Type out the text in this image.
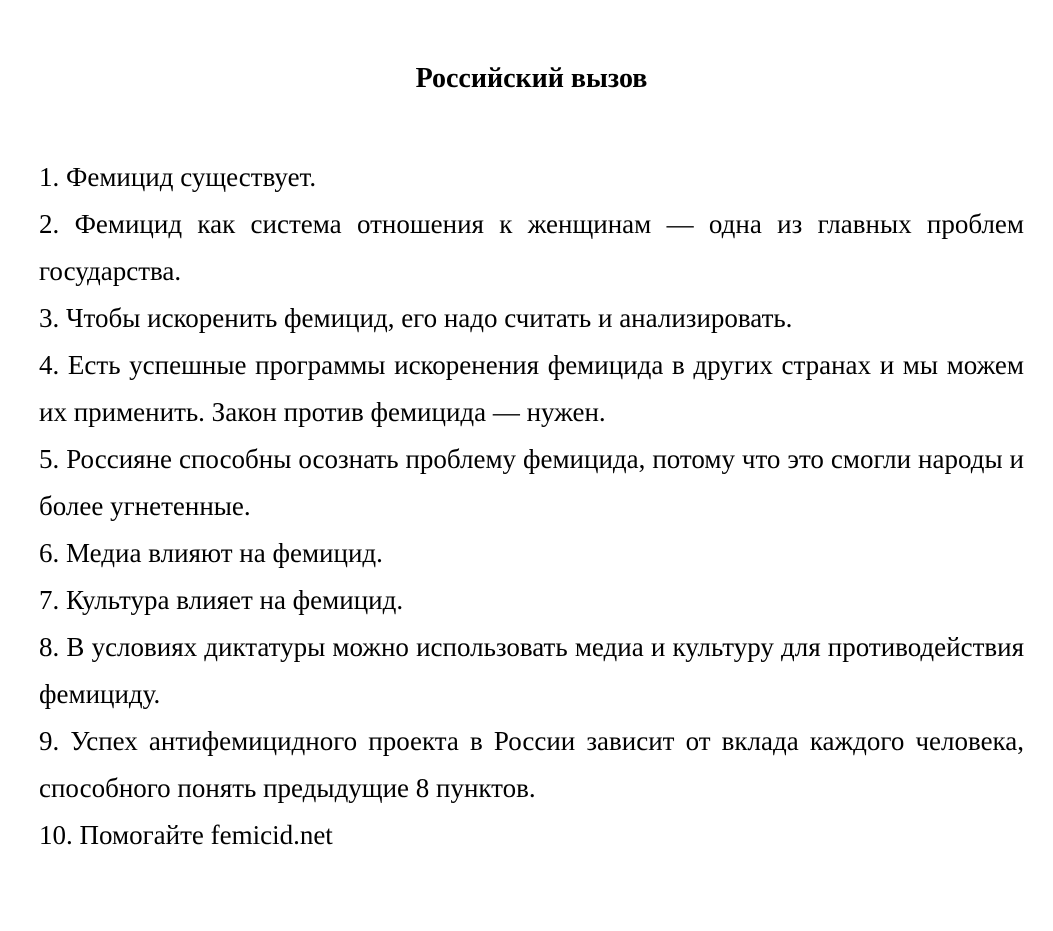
Российский вызов
1. Фемицид существует.
2. Фемицид как система отношения к женщинам — одна из главных проблем государства.
3. Чтобы искоренить фемицид, его надо считать и анализировать.
4. Есть успешные программы искоренения фемицида в других странах и мы можем их применить. Закон против фемицида — нужен.
5. Россияне способны осознать проблему фемицида, потому что это смогли народы и более угнетенные.
6. Медиа влияют на фемицид.
7. Культура влияет на фемицид.
8. В условиях диктатуры можно использовать медиа и культуру для противодействия фемициду.
9. Успех антифемицидного проекта в России зависит от вклада каждого человека, способного понять предыдущие 8 пунктов.
10. Помогайте femicid.net
